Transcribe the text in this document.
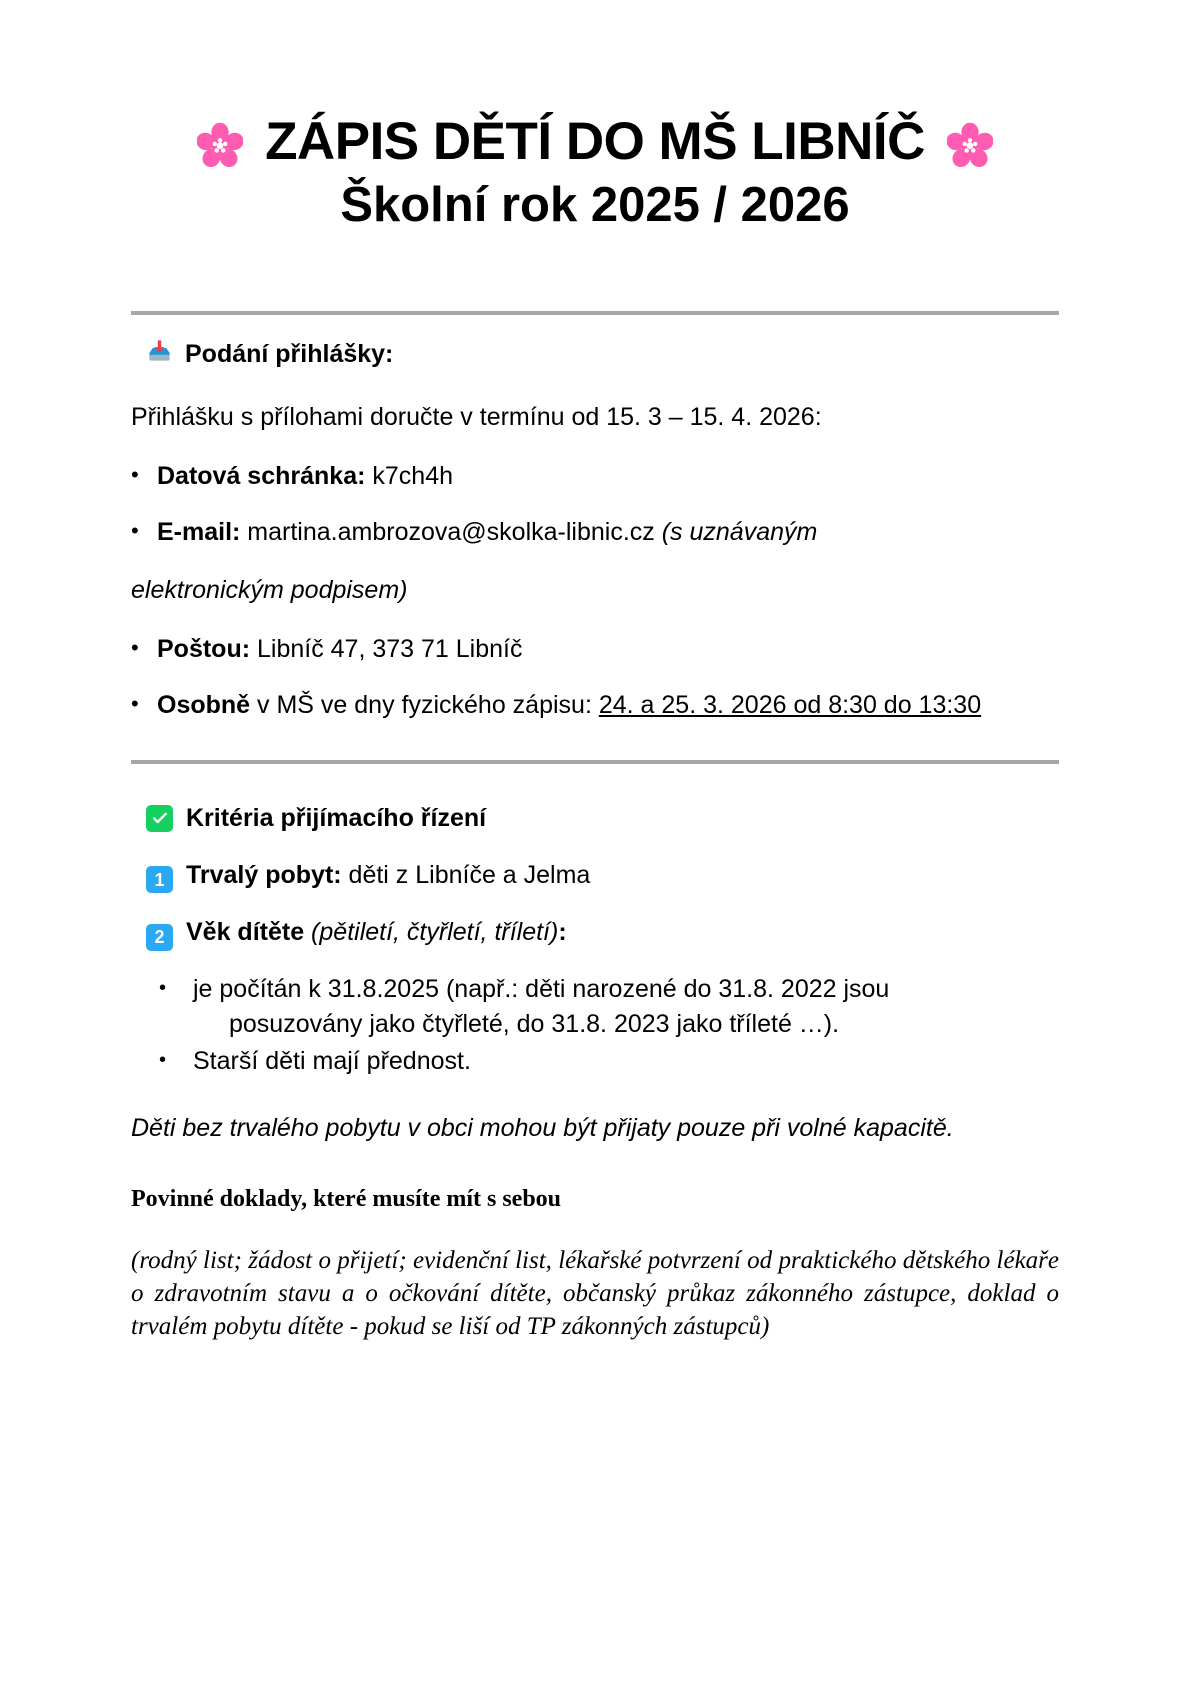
ZÁPIS DĚTÍ DO MŠ LIBNÍČ
Školní rok 2025 / 2026
Podání přihlášky:

Přihlášku s přílohami doručte v termínu od 15. 3 – 15. 4. 2026:

• Datová schránka: k7ch4h
• E-mail: martina.ambrozova@skolka-libnic.cz (s uznávaným

elektronickým podpisem)

• Poštou: Libníč 47, 373 71 Libníč
• Osobně v MŠ ve dny fyzického zápisu: 24. a 25. 3. 2026 od 8:30 do 13:30
Kritéria přijímacího řízení
1 Trvalý pobyt: děti z Libníče a Jelma
2 Věk dítěte (pětiletí, čtyřletí, tříletí):
•	je počítán k 31.8.2025 (např.: děti narozené do 31.8. 2022 jsou
posuzovány jako čtyřleté, do 31.8. 2023 jako tříleté …).
•	Starší děti mají přednost.

Děti bez trvalého pobytu v obci mohou být přijaty pouze při volné kapacitě.

Povinné doklady, které musíte mít s sebou

(rodný list; žádost o přijetí; evidenční list, lékařské potvrzení od praktického dětského lékaře o zdravotním stavu a o očkování dítěte, občanský průkaz zákonného zástupce, doklad o trvalém pobytu dítěte - pokud se liší od TP zákonných zástupců)
